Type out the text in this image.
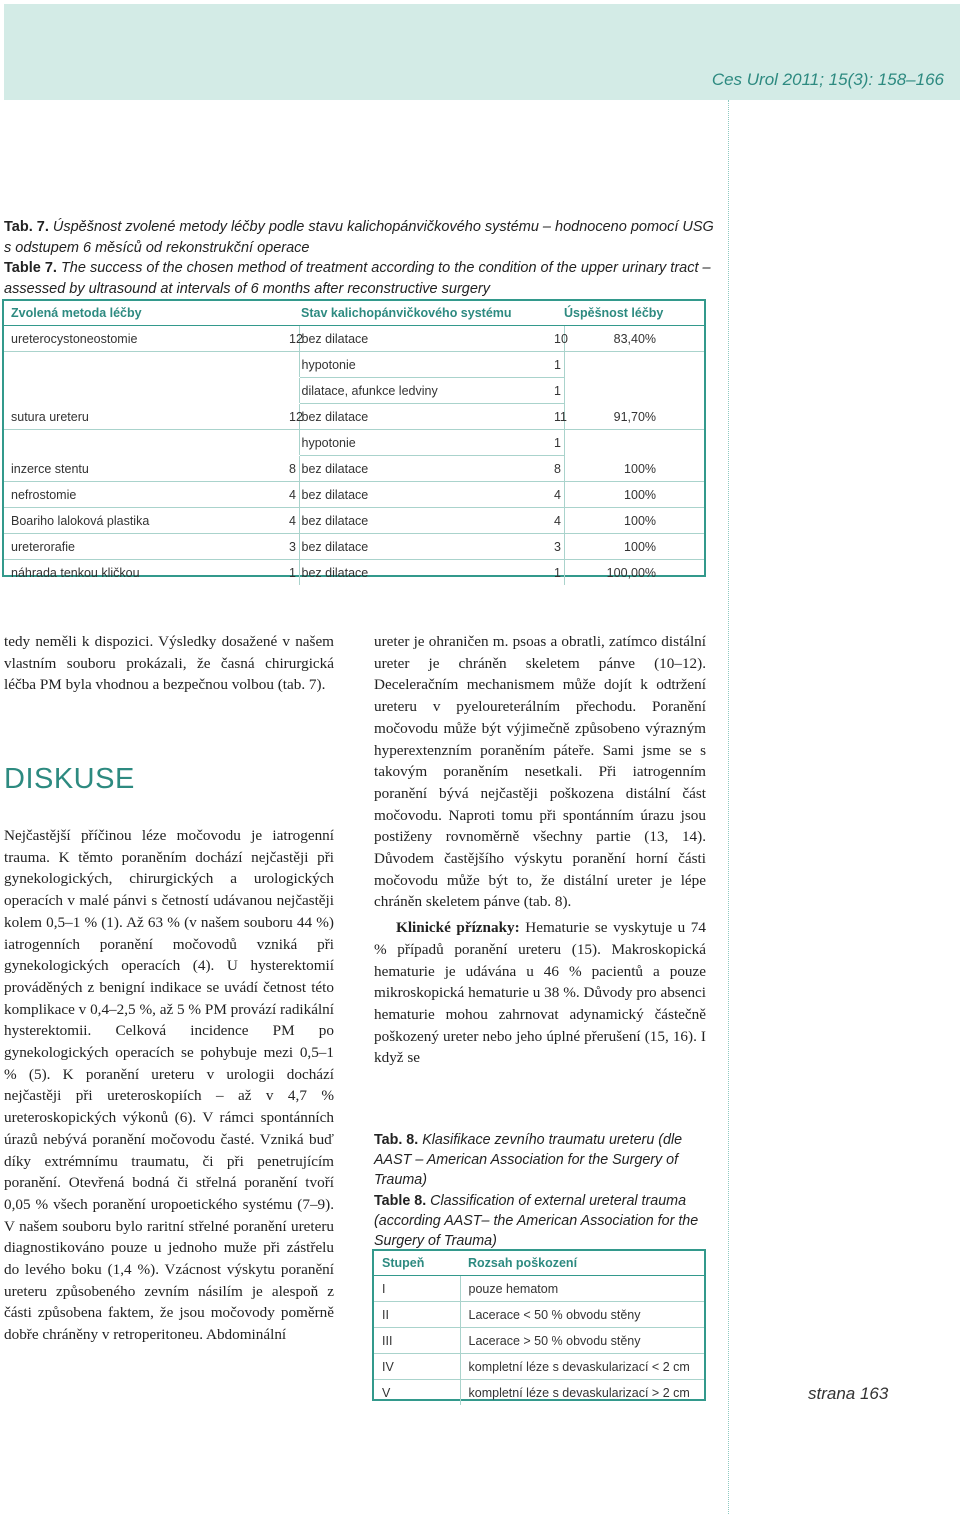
Ces Urol 2011; 15(3): 158–166

Tab. 7. Úspěšnost zvolené metody léčby podle stavu kalichopánvičkového systému – hodnoceno pomocí USG s odstupem 6 měsíců od rekonstrukční operace

Table 7. The success of the chosen method of treatment according to the condition of the upper urinary tract – assessed by ultrasound at intervals of 6 months after reconstructive surgery

Zvolená metoda léčby		Stav kalichopánvičkového systému		Úspěšnost léčby
ureterocystoneostomie	12	bez dilatace	10	83,40%
		hypotonie	1	
		dilatace, afunkce ledviny	1	
sutura ureteru	12	bez dilatace	11	91,70%
		hypotonie	1	
inzerce stentu	8	bez dilatace	8	100%
nefrostomie	4	bez dilatace	4	100%
Boariho laloková plastika	4	bez dilatace	4	100%
ureterorafie	3	bez dilatace	3	100%
náhrada tenkou kličkou	1	bez dilatace	1	100,00%

tedy neměli k dispozici. Výsledky dosažené v našem vlastním souboru prokázali, že časná chirurgická léčba PM byla vhodnou a bezpečnou volbou (tab. 7).

DISKUSE

Nejčastější příčinou léze močovodu je iatrogenní trauma. K těmto poraněním dochází nejčastěji při gynekologických, chirurgických a urologických operacích v malé pánvi s četností udávanou nejčastěji kolem 0,5–1 % (1). Až 63 % (v našem souboru 44 %) iatrogenních poranění močovodů vzniká při gynekologických operacích (4). U hysterektomií prováděných z benigní indikace se uvádí četnost této komplikace v 0,4–2,5 %, až 5 % PM provází radikální hysterektomii. Celková incidence PM po gynekologických operacích se pohybuje mezi 0,5–1 % (5). K poranění ureteru v urologii dochází nejčastěji při ureteroskopiích – až v 4,7 % ureteroskopických výkonů (6). V rámci spontánních úrazů nebývá poranění močovodu časté. Vzniká buď díky extrémnímu traumatu, či při penetrujícím poranění. Otevřená bodná či střelná poranění tvoří 0,05 % všech poranění uropoetického systému (7–9). V našem souboru bylo raritní střelné poranění ureteru diagnostikováno pouze u jednoho muže při zástřelu do levého boku (1,4 %). Vzácnost výskytu poranění ureteru způsobeného zevním násilím je alespoň z části způsobena faktem, že jsou močovody poměrně dobře chráněny v retroperitoneu. Abdominální

ureter je ohraničen m. psoas a obratli, zatímco distální ureter je chráněn skeletem pánve (10–12). Deceleračním mechanismem může dojít k odtržení ureteru v pyeloureterálním přechodu. Poranění močovodu může být výjimečně způsobeno výrazným hyperextenzním poraněním páteře. Sami jsme se s takovým poraněním nesetkali. Při iatrogenním poranění bývá nejčastěji poškozena distální část močovodu. Naproti tomu při spontánním úrazu jsou postiženy rovnoměrně všechny partie (13, 14). Důvodem častějšího výskytu poranění horní části močovodu může být to, že distální ureter je lépe chráněn skeletem pánve (tab. 8).

Klinické příznaky: Hematurie se vyskytuje u 74 % případů poranění ureteru (15). Makroskopická hematurie je udávána u 46 % pacientů a pouze mikroskopická hematurie u 38 %. Důvody pro absenci hematurie mohou zahrnovat adynamický částečně poškozený ureter nebo jeho úplné přerušení (15, 16). I když se

Tab. 8. Klasifikace zevního traumatu ureteru (dle AAST – American Association for the Surgery of Trauma)

Table 8. Classification of external ureteral trauma (according AAST– the American Association for the Surgery of Trauma)

Stupeň	Rozsah poškození
I	pouze hematom
II	Lacerace < 50 % obvodu stěny
III	Lacerace > 50 % obvodu stěny
IV	kompletní léze s devaskularizací < 2 cm
V	kompletní léze s devaskularizací > 2 cm	strana 163
